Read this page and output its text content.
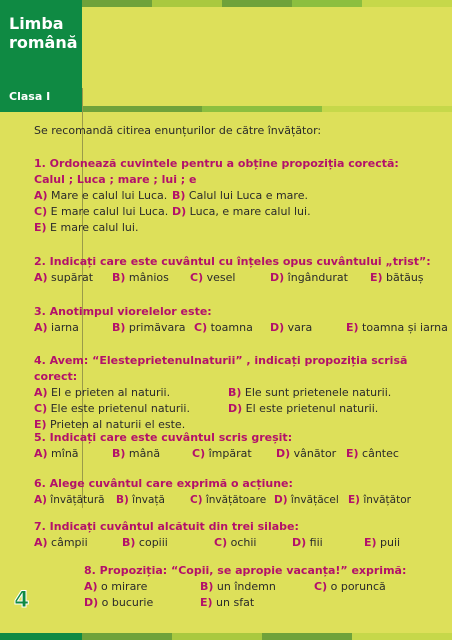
Limba
română
Clasa I
Se recomandă citirea enunțurilor de către învățător:
1. Ordonează cuvintele pentru a obține propoziția corectă:
Calul ; Luca ; mare ; lui ; e
A) Mare e calul lui Luca. B) Calul lui Luca e mare.
C) E mare calul lui Luca. D) Luca, e mare calul lui.
E) E mare calul lui.
2. Indicați care este cuvântul cu înțeles opus cuvântului „trist”:
A) supărat	B) mânios	C) vesel	D) îngândurat	E) bătăuș
3. Anotimpul viorelelor este:
A) iarna	B) primăvara C) toamna	D) vara	E) toamna și iarna
4. Avem: “Elesteprietenulnaturii” , indicați propoziția scrisă corect:
A) El e prieten al naturii.	B) Ele sunt prietenele naturii.
C) Ele este prietenul naturii.	D) El este prietenul naturii.
E) Prieten al naturii el este.
5. Indicați care este cuvântul scris greșit:
A) mînă	B) mână	C) împărat	D) vânător E) cântec
6. Alege cuvântul care exprimă o acțiune:
A) învățătură	B) învață	C) învățătoare D) învățăcel E) învățător
7. Indicați cuvântul alcătuit din trei silabe:
A) câmpii	B) copiii	C) ochii	D) fiii	E) puii
8. Propoziția: “Copii, se apropie vacanța!” exprimă:
A) o mirare	B) un îndemn	C) o poruncă
D) o bucurie	E) un sfat
4
